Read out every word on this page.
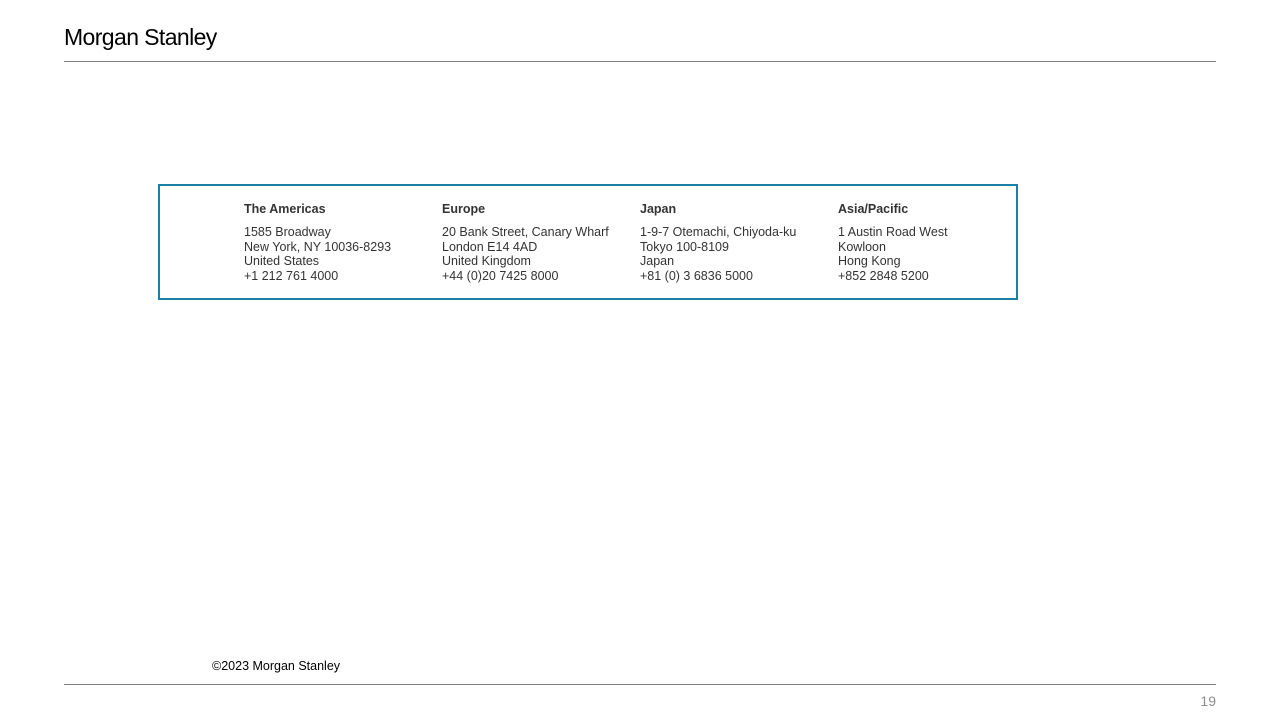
Morgan Stanley
The Americas
1585 Broadway
New York, NY 10036-8293
United States
+1 212 761 4000
Europe
20 Bank Street, Canary Wharf
London E14 4AD
United Kingdom
+44 (0)20 7425 8000
Japan
1-9-7 Otemachi, Chiyoda-ku
Tokyo 100-8109
Japan
+81 (0) 3 6836 5000
Asia/Pacific
1 Austin Road West
Kowloon
Hong Kong
+852 2848 5200
©2023 Morgan Stanley
19
